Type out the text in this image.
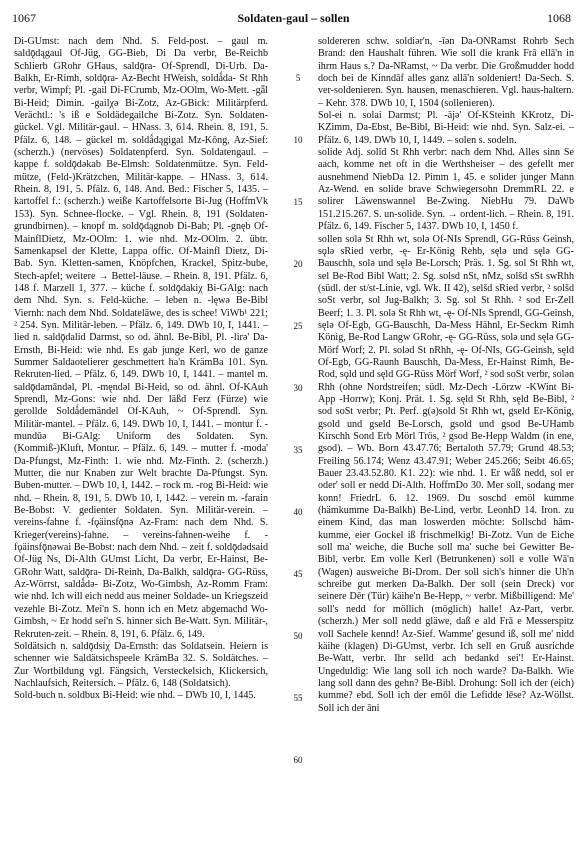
1067	Soldaten-gaul – sollen	1068

Di-GUmst: nach dem Nhd. S. Feld-post. – gaul m. saldǭdągaul Of-Jüg, GG-Bieb, Di Da verbr, Be-Reichb Schlierb GRohr GHaus, saldǭra- Of-Sprendl, Di-Urb. Da-Balkh, Er-Rimh, soldǭra- Az-Becht HWeish, soldǻda- St Rhh verbr, Wimpf; Pl. -gail Di-FCrumb, Mz-OOlm, Wo-Mett. -gǟl Bi-Heid; Dimin. -gailχǝ Bi-Zotz, Az-GBick: Militärpferd. Verächtl.: 's iß e Soldädegailche Bi-Zotz. Syn. Soldaten-gückel. Vgl. Militär-gaul. – HNass. 3, 614. Rhein. 8, 191, 5. Pfälz. 6, 148. – gückel m. soldǻdągigal Mz-Kōng, Az-Sief: (scherzh.) (nervöses) Soldatenpferd. Syn. Soldatengaul. – kappe f. soldǭdəkab Be-Elmsh: Soldatenmütze. Syn. Feld-mütze, (Feld-)Krätzchen, Militär-kappe. – HNass. 3, 614. Rhein. 8, 191, 5. Pfälz. 6, 148. And. Bed.: Fischer 5, 1435. – kartoffel f.: (scherzh.) weiße Kartoffelsorte Bi-Jug (HoffmVk 153). Syn. Schnee-flocke. – Vgl. Rhein. 8, 191 (Soldaten-grundbirnen). – knopf m. soldǭdągnob Di-Bab; Pl. -gnęb Of-MainflDietz, Mz-OOlm: 1. wie nhd. Mz-OOlm. 2. übtr. Samenkapsel der Klette, Lappa offic. Of-Mainfl Dietz, Di-Bab. Syn. Kletten-samen, Knöpfchen, Krackel, Spitz-bube, Stech-apfel; weitere → Bettel-läuse. – Rhein. 8, 191. Pfälz. 6, 148 f. Marzell 1, 377. – küche f. soldǭdakiχ Bi-GAlg: nach dem Nhd. Syn. s. Feld-küche. – leben n. -lęwǝ Be-Bibl Viernh: nach dem Nhd. Soldateläwe, des is schee! ViWb¹ 221; ² 254. Syn. Militär-leben. – Pfälz. 6, 149. DWb 10, I, 1441. – lied n. saldǭdalid Darmst, so od. ähnl. Be-Bibl, Pl. -lirǝ' Da-Ernsth, Bi-Heid: wie nhd. Es gab junge Kerl, wo de ganze Summer Saldaotelierer geschmettert ha'n KrämBa 101. Syn. Rekruten-lied. – Pfälz. 6, 149. DWb 10, I, 1441. – mantel m. saldǭdamāndǝl, Pl. -męndǝl Bi-Heid, so od. ähnl. Of-KAuh Sprendl, Mz-Gons: wie nhd. Der läßd Ferz (Fürze) wie gerollde Soldǻdemändel Of-KAuh, ~ Of-Sprendl. Syn. Militär-mantel. – Pfälz. 6, 149. DWb 10, I, 1441. – montur f. -mundūǝ Bi-GAlg: Uniform des Soldaten. Syn. (Kommiß-)Kluft, Montur. – Pfälz. 6, 149. – mutter f. -moda' Da-Pfungst, Mz-Finth: 1. wie nhd. Mz-Finth. 2. (scherzh.) Mutter, die nur Knaben zur Welt brachte Da-Pfungst. Syn. Buben-mutter. – DWb 10, I, 1442. – rock m. -rog Bi-Heid: wie nhd. – Rhein. 8, 191, 5. DWb 10, I, 1442. – verein m. -farain Be-Bobst: V. gedienter Soldaten. Syn. Militär-verein. – vereins-fahne f. -fǫäinsfǭnǝ Az-Fram: nach dem Nhd. S. Krieger(vereins)-fahne. – vereins-fahnen-weihe f. -fǫäinsfǭnǝwai Be-Bobst: nach dem Nhd. – zeit f. soldǭdǝdsaid Of-Jüg Ns, Di-Alth GUmst Licht, Da verbr, Er-Hainst, Be-GRohr Watt, saldǭra- Di-Reinh, Da-Balkh, saldǭra- GG-Rüss, Az-Wörrst, saldǻdǝ- Bi-Zotz, Wo-Gimbsh, Az-Romm Fram: wie nhd. Ich will eich nedd aus meiner Soldade- un Kriegszeid vezehle Bi-Zotz. Mei'n S. honn ich en Metz abgemachd Wo-Gimbsh, ~ Er hodd sei'n S. hinner sich Be-Watt. Syn. Militär-, Rekruten-zeit. – Rhein. 8, 191, 6. Pfälz. 6, 149.

Soldätsich n. saldǭdsiχ Da-Ernsth: das Soldatsein. Heiern is schenner wie Saldätsichspeele KrämBa 32. S. Soldätches. – Zur Wortbildung vgl. Fängsich, Versteckelsich, Klickersich, Nachlaufsich, Reitersich. – Pfälz. 6, 148 (Soldatsich).

Sold-buch n. soldbux Bi-Heid: wie nhd. – DWb 10, I, 1445.

5
10
15
20
25
30
35
40
45
50
55
60

soldereren schw. soldiǝr'n, -īǝn Da-ONRamst Rohrb Sech Brand: den Haushalt führen. Wie soll die krank Frā ellā'n in ihrm Haus s.? Da-NRamst, ~ Da verbr. Die Großmudder hodd doch bei de Kinndāf alles ganz allā'n soldeniert! Da-Sech. S. ver-soldenieren. Syn. hausen, menaschieren. Vgl. haus-haltern. – Kehr. 378. DWb 10, I, 1504 (sollenieren).

Sol-ei n. solai Darmst; Pl. -äjǝ' Of-KSteinh KKrotz, Di-KZimm, Da-Ebst, Be-Bibl, Bi-Heid: wie nhd. Syn. Salz-ei. – Pfälz. 6, 149. DWb 10, I, 1449. – solen s. sodeln.

solide Adj. solīd St Rhh verbr: nach dem Nhd. Alles sinn Se aach, komme net oft in die Werthsheiser – des gefellt mer ausnehmend NiebDa 12. Pimm 1, 45. e solider junger Mann Az-Wend. en solide brave Schwiegersohn DremmRL 22. e solirer Läwenswannel Be-Zwing. NiebHu 79. DaWb 151.215.267. S. un-solide. Syn. → ordent-lich. – Rhein. 8, 191. Pfälz. 6, 149. Fischer 5, 1437. DWb 10, I, 1450 f.

sollen solǝ St Rhh wt, solǝ Of-NIs Sprendl, GG-Rüss Geinsh, sǫlǝ sRied verbr, -ę- Er-König Rehb, sęlǝ und sęlǝ GG-Bauschh, solǝ und sęlǝ Be-Lorsch; Präs. 1. Sg. sol St Rhh wt, sel Be-Rod Bibl Watt; 2. Sg. solsd nSt, nMz, solšd sSt swRhh (südl. der st/st-Linie, vgl. Wk. II 42), selšd sRied verbr, ² solšd soSt verbr, sol Jug-Balkh; 3. Sg. sol St Rhh. ² sod Er-Zell Beerf; 1. 3. Pl. solǝ St Rhh wt, -ę- Of-NIs Sprendl, GG-Geinsh, sęlǝ Of-Egb, GG-Bauschh, Da-Mess Hähnl, Er-Seckm Rimh König, Be-Rod Langw GRohr, -ę- GG-Rüss, solǝ und sęlǝ GG-Mörf Worf; 2. Pl. solǝd St nRhh, -ę- Of-NIs, GG-Geinsh, sęld Of-Egb, GG-Raunh Bauschh, Da-Mess, Er-Hainst Rimh, Be-Rod, sǫld und sęld GG-Rüss Mörf Worf, ² sod soSt verbr, solǝn Rhh (ohne Nordstreifen; südl. Mz-Dech -Lörzw -KWint Bi-App -Horrw); Konj. Prät. 1. Sg. sęld St Rhh, sęld Be-Bibl, ² sod soSt verbr; Pt. Perf. g(ǝ)sold St Rhh wt, gseld Er-König, gsold und gseld Be-Lorsch, gsold und gsod Be-UHamb Kirschh Sond Erb Mörl Trös, ² gsod Be-Hepp Waldm (in ene, gsod). – Wb. Born 43.47.76; Bertaloth 57.79; Grund 48.53; Freiling 56.174; Wenz 43.47.91; Weber 245.266; Seibt 46.65; Bauer 23.43.52.80. K1. 22): wie nhd. 1. Er wǟß nedd, sol er oder' soll er nedd Di-Alth. HoffmDo 30. Mer soll, sodang mer konn! FriedrL 6. 12. 1969. Du soschd emöl kumme (hämkumme Da-Balkh) Be-Lind, verbr. LeonhD 14. Iron. zu einem Kind, das man loswerden möchte: Sollschd hām-kumme, eier Gockel iß frischmelkig! Bi-Zotz. Vun de Eiche soll ma' weiche, die Buche soll ma' suche bei Gewitter Be-Bibl, verbr. Em volle Kerl (Betrunkenen) soll e volle Wā'n (Wagen) ausweiche Bi-Drom. Der soll sich's hinner die Uh'n schreibe gut merken Da-Balkh. Der soll (sein Dreck) vor seinere Dēr (Tür) käihe'n Be-Hepp, ~ verbr. Mißbilligend: Me' soll's nedd for möllich (möglich) halle! Az-Part, verbr. (scherzh.) Mer soll nedd gläwe, daß e ald Frā e Messerspitz voll Sachele kennd! Az-Sief. Wamme' gesund iß, soll me' nidd käihe (klagen) Di-GUmst, verbr. Ich sell en Gruß ausrichde Be-Watt, verbr. Ihr selld ach bedankd sei'! Er-Hainst. Ungeduldig: Wie lang soll ich noch warde? Da-Balkh. Wie lang soll dann des gehn? Be-Bibl. Drohung: Soll ich der (eich) kumme? ebd. Soll ich der emōl die Lefidde lēse? Az-Wöllst. Soll ich der āni
